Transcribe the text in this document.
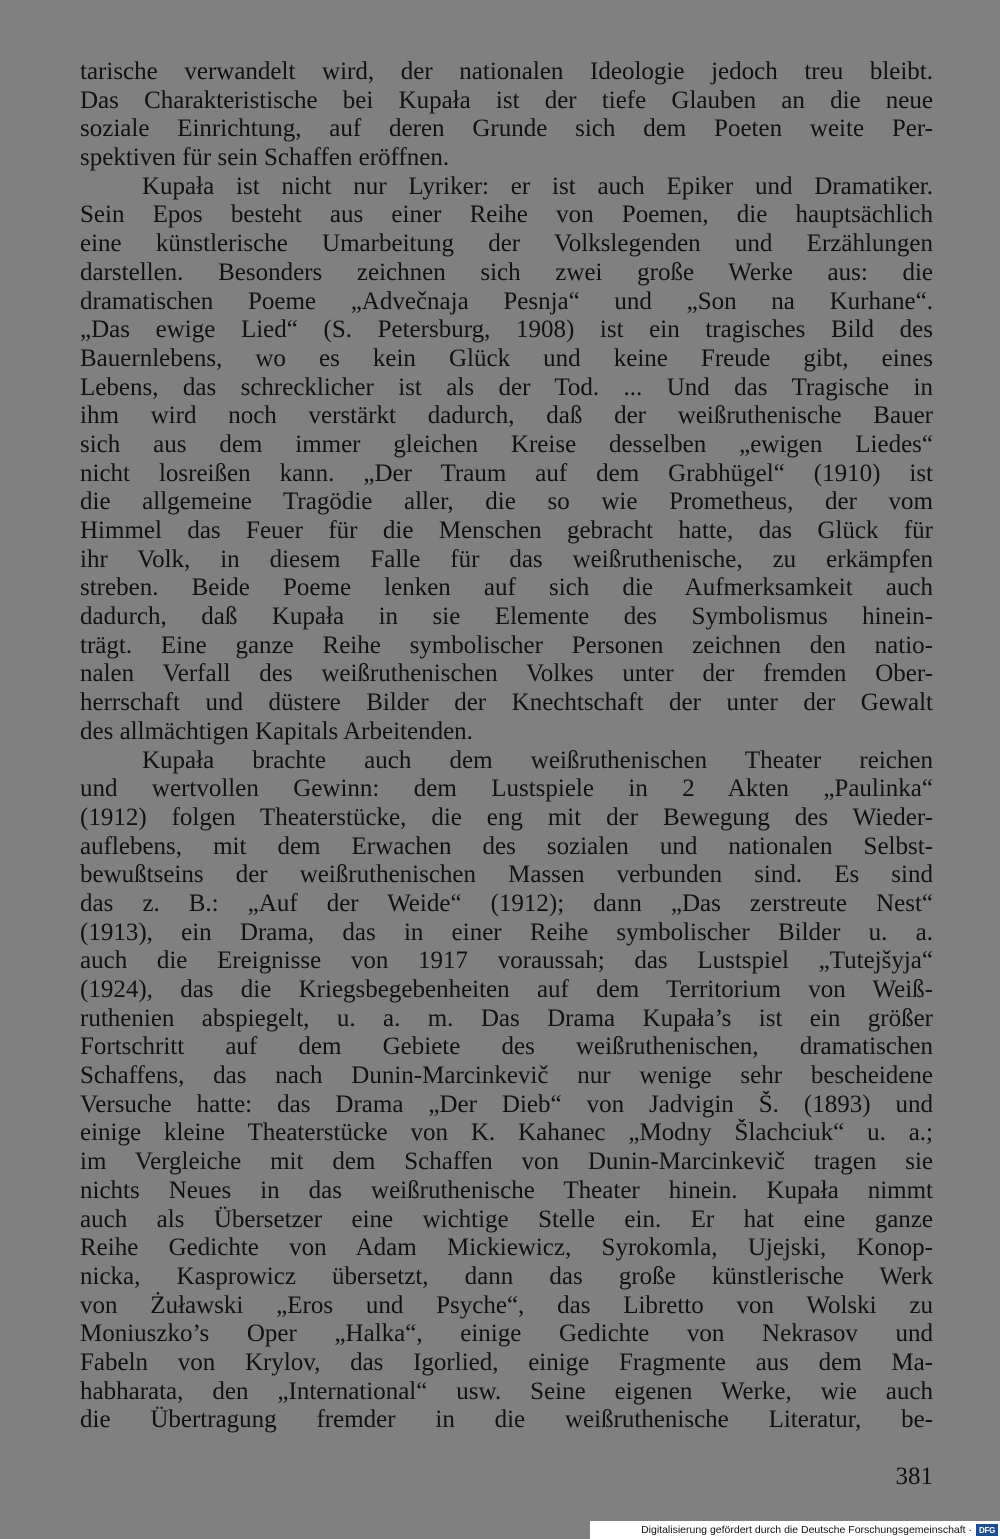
tarische verwandelt wird, der nationalen Ideologie jedoch treu bleibt.
Das Charakteristische bei Kupała ist der tiefe Glauben an die neue
soziale Einrichtung, auf deren Grunde sich dem Poeten weite Per-
spektiven für sein Schaffen eröffnen.
Kupała ist nicht nur Lyriker: er ist auch Epiker und Dramatiker.
Sein Epos besteht aus einer Reihe von Poemen, die hauptsächlich
eine künstlerische Umarbeitung der Volkslegenden und Erzählungen
darstellen. Besonders zeichnen sich zwei große Werke aus: die
dramatischen Poeme „Advečnaja Pesnja“ und „Son na Kurhane“.
„Das ewige Lied“ (S. Petersburg, 1908) ist ein tragisches Bild des
Bauernlebens, wo es kein Glück und keine Freude gibt, eines
Lebens, das schrecklicher ist als der Tod. ... Und das Tragische in
ihm wird noch verstärkt dadurch, daß der weißruthenische Bauer
sich aus dem immer gleichen Kreise desselben „ewigen Liedes“
nicht losreißen kann. „Der Traum auf dem Grabhügel“ (1910) ist
die allgemeine Tragödie aller, die so wie Prometheus, der vom
Himmel das Feuer für die Menschen gebracht hatte, das Glück für
ihr Volk, in diesem Falle für das weißruthenische, zu erkämpfen
streben. Beide Poeme lenken auf sich die Aufmerksamkeit auch
dadurch, daß Kupała in sie Elemente des Symbolismus hinein-
trägt. Eine ganze Reihe symbolischer Personen zeichnen den natio-
nalen Verfall des weißruthenischen Volkes unter der fremden Ober-
herrschaft und düstere Bilder der Knechtschaft der unter der Gewalt
des allmächtigen Kapitals Arbeitenden.
Kupała brachte auch dem weißruthenischen Theater reichen
und wertvollen Gewinn: dem Lustspiele in 2 Akten „Paulinka“
(1912) folgen Theaterstücke, die eng mit der Bewegung des Wieder-
auflebens, mit dem Erwachen des sozialen und nationalen Selbst-
bewußtseins der weißruthenischen Massen verbunden sind. Es sind
das z. B.: „Auf der Weide“ (1912); dann „Das zerstreute Nest“
(1913), ein Drama, das in einer Reihe symbolischer Bilder u. a.
auch die Ereignisse von 1917 voraussah; das Lustspiel „Tutejšyja“
(1924), das die Kriegsbegebenheiten auf dem Territorium von Weiß-
ruthenien abspiegelt, u. a. m. Das Drama Kupała’s ist ein größer
Fortschritt auf dem Gebiete des weißruthenischen, dramatischen
Schaffens, das nach Dunin-Marcinkevič nur wenige sehr bescheidene
Versuche hatte: das Drama „Der Dieb“ von Jadvigin Š. (1893) und
einige kleine Theaterstücke von K. Kahanec „Modny Šlachciuk“ u. a.;
im Vergleiche mit dem Schaffen von Dunin-Marcinkevič tragen sie
nichts Neues in das weißruthenische Theater hinein. Kupała nimmt
auch als Übersetzer eine wichtige Stelle ein. Er hat eine ganze
Reihe Gedichte von Adam Mickiewicz, Syrokomla, Ujejski, Konop-
nicka, Kasprowicz übersetzt, dann das große künstlerische Werk
von Żuławski „Eros und Psyche“, das Libretto von Wolski zu
Moniuszko’s Oper „Halka“, einige Gedichte von Nekrasov und
Fabeln von Krylov, das Igorlied, einige Fragmente aus dem Ma-
habharata, den „International“ usw. Seine eigenen Werke, wie auch
die Übertragung fremder in die weißruthenische Literatur, be-
381
Digitalisierung gefördert durch die Deutsche Forschungsgemeinschaft · DFG
